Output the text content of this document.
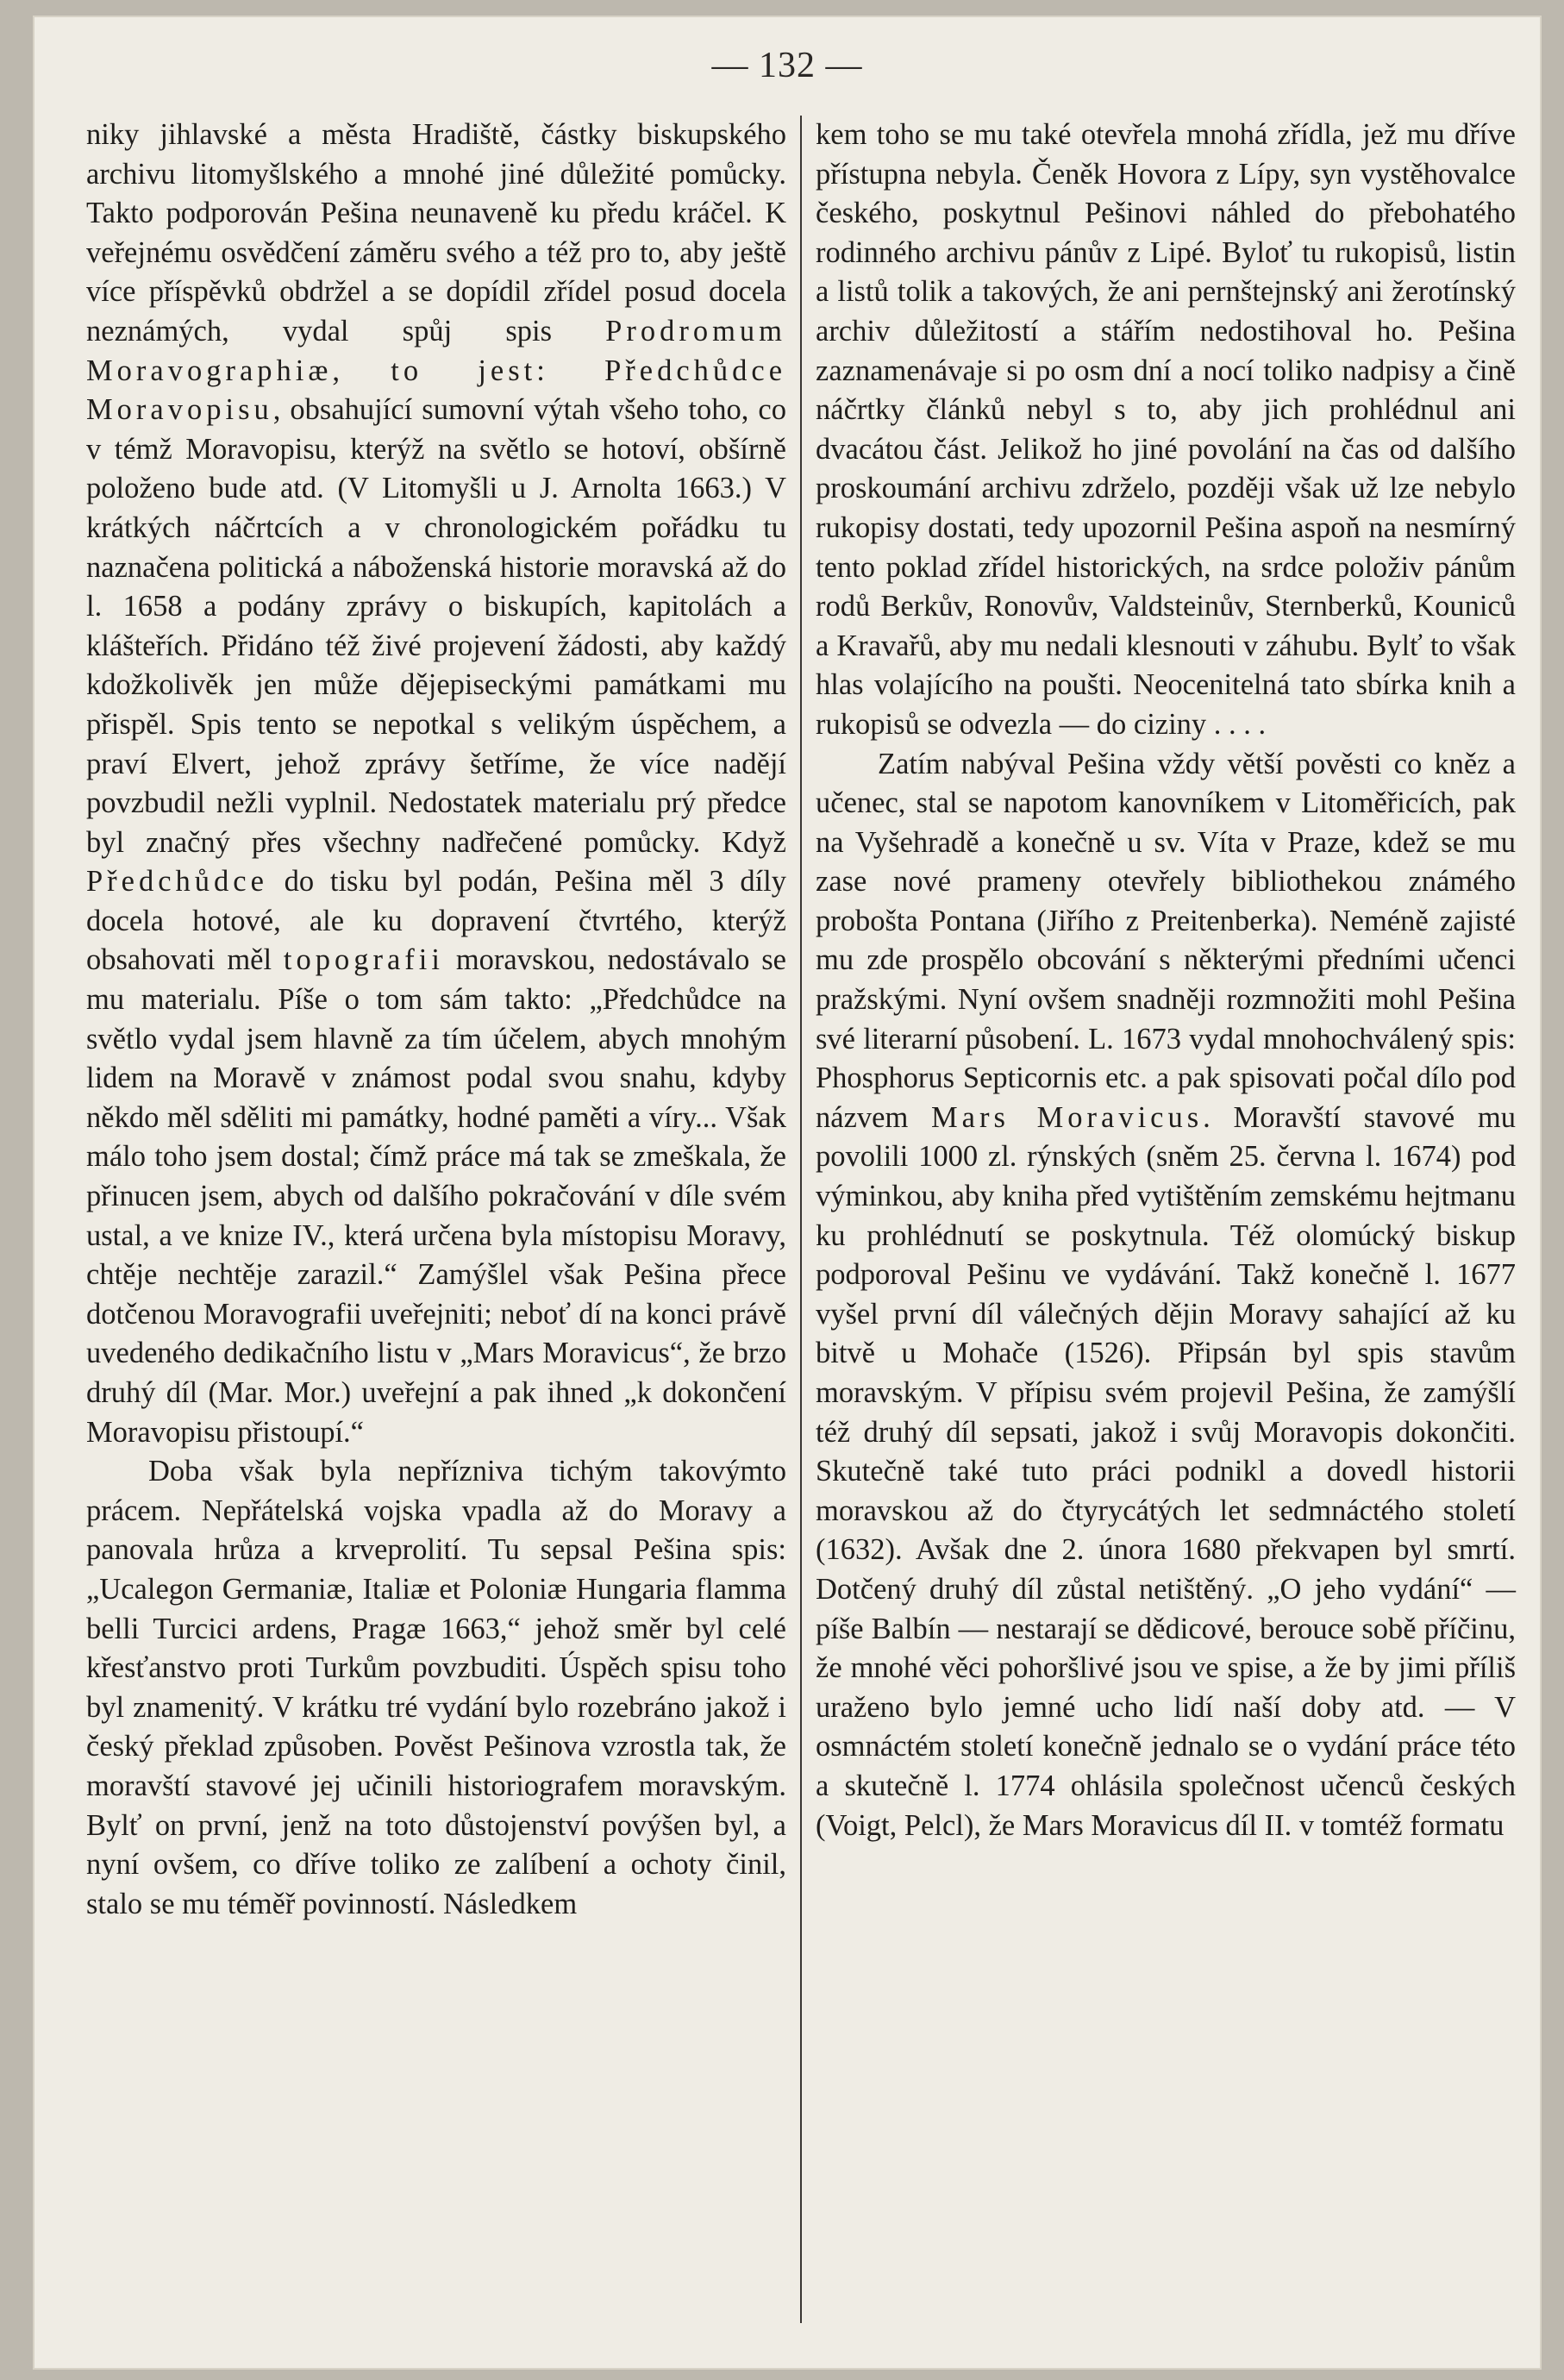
— 132 —

niky jihlavské a města Hradiště, částky biskupského archivu litomyšlského a mnohé jiné důležité pomůcky. Takto podporován Pešina neunaveně ku předu kráčel. K veřejnému osvědčení záměru svého a též pro to, aby ještě více příspěvků obdržel a se dopídil zřídel posud docela neznámých, vydal spůj spis Prodromum Moravographiæ, to jest: Předchůdce Moravopisu, obsahující sumovní výtah všeho toho, co v témž Moravopisu, kterýž na světlo se hotoví, obšírně položeno bude atd. (V Litomyšli u J. Arnolta 1663.) V krátkých náčrtcích a v chronologickém pořádku tu naznačena politická a náboženská historie moravská až do l. 1658 a podány zprávy o biskupích, kapitolách a klášteřích. Přidáno též živé projevení žádosti, aby každý kdožkolivěk jen může dějepiseckými památkami mu přispěl. Spis tento se nepotkal s velikým úspěchem, a praví Elvert, jehož zprávy šetříme, že více nadějí povzbudil nežli vyplnil. Nedostatek materialu prý předce byl značný přes všechny nadřečené pomůcky. Když Předchůdce do tisku byl podán, Pešina měl 3 díly docela hotové, ale ku dopravení čtvrtého, kterýž obsahovati měl topografii moravskou, nedostávalo se mu materialu. Píše o tom sám takto: „Předchůdce na světlo vydal jsem hlavně za tím účelem, abych mnohým lidem na Moravě v známost podal svou snahu, kdyby někdo měl sděliti mi památky, hodné paměti a víry... Však málo toho jsem dostal; čímž práce má tak se zmeškala, že přinucen jsem, abych od dalšího pokračování v díle svém ustal, a ve knize IV., která určena byla místopisu Moravy, chtěje nechtěje zarazil.“ Zamýšlel však Pešina přece dotčenou Moravografii uveřejniti; neboť dí na konci právě uvedeného dedikačního listu v „Mars Moravicus“, že brzo druhý díl (Mar. Mor.) uveřejní a pak ihned „k dokončení Moravopisu přistoupí.“

Doba však byla nepřízniva tichým takovýmto prácem. Nepřátelská vojska vpadla až do Moravy a panovala hrůza a krveprolití. Tu sepsal Pešina spis: „Ucalegon Germaniæ, Italiæ et Poloniæ Hungaria flamma belli Turcici ardens, Pragæ 1663,“ jehož směr byl celé křesťanstvo proti Turkům povzbuditi. Úspěch spisu toho byl znamenitý. V krátku tré vydání bylo rozebráno jakož i český překlad způsoben. Pověst Pešinova vzrostla tak, že moravští stavové jej učinili historiografem moravským. Bylť on první, jenž na toto důstojenství povýšen byl, a nyní ovšem, co dříve toliko ze zalíbení a ochoty činil, stalo se mu téměř povinností. Následkem

kem toho se mu také otevřela mnohá zřídla, jež mu dříve přístupna nebyla. Čeněk Hovora z Lípy, syn vystěhovalce českého, poskytnul Pešinovi náhled do přebohatého rodinného archivu pánův z Lipé. Byloť tu rukopisů, listin a listů tolik a takových, že ani pernštejnský ani žerotínský archiv důležitostí a stářím nedostihoval ho. Pešina zaznamenávaje si po osm dní a nocí toliko nadpisy a čině náčrtky článků nebyl s to, aby jich prohlédnul ani dvacátou část. Jelikož ho jiné povolání na čas od dalšího proskoumání archivu zdrželo, později však už lze nebylo rukopisy dostati, tedy upozornil Pešina aspoň na nesmírný tento poklad zřídel historických, na srdce položiv pánům rodů Berkův, Ronovův, Valdsteinův, Sternberků, Kouniců a Kravařů, aby mu nedali klesnouti v záhubu. Bylť to však hlas volajícího na poušti. Neocenitelná tato sbírka knih a rukopisů se odvezla — do ciziny . . . .

Zatím nabýval Pešina vždy větší pověsti co kněz a učenec, stal se napotom kanovníkem v Litoměřicích, pak na Vyšehradě a konečně u sv. Víta v Praze, kdež se mu zase nové prameny otevřely bibliothekou známého proboštа Pontana (Jiřího z Preitenberka). Neméně zajisté mu zde prospělo obcování s některými předními učenci pražskými. Nyní ovšem snadněji rozmnožiti mohl Pešina své literarní působení. L. 1673 vydal mnohochválený spis: Phosphorus Septicornis etc. a pak spisovati počal dílo pod názvem Mars Moravicus. Moravští stavové mu povolili 1000 zl. rýnských (sněm 25. června l. 1674) pod výminkou, aby kniha před vytištěním zemskému hejtmanu ku prohlédnutí se poskytnula. Též olomúcký biskup podporoval Pešinu ve vydávání. Takž konečně l. 1677 vyšel první díl válečných dějin Moravy sahající až ku bitvě u Mohače (1526). Připsán byl spis stavům moravským. V přípisu svém projevil Pešina, že zamýšlí též druhý díl sepsati, jakož i svůj Moravopis dokončiti. Skutečně také tuto práci podnikl a dovedl historii moravskou až do čtyrycátých let sedmnáctého století (1632). Avšak dne 2. února 1680 překvapen byl smrtí. Dotčený druhý díl zůstal netištěný. „O jeho vydání“ — píše Balbín — nestarají se dědicové, berouce sobě příčinu, že mnohé věci pohoršlivé jsou ve spise, a že by jimi příliš uraženo bylo jemné ucho lidí naší doby atd. — V osmnáctém století konečně jednalo se o vydání práce této a skutečně l. 1774 ohlásila společnost učenců českých (Voigt, Pelcl), že Mars Moravicus díl II. v tomtéž formatu
